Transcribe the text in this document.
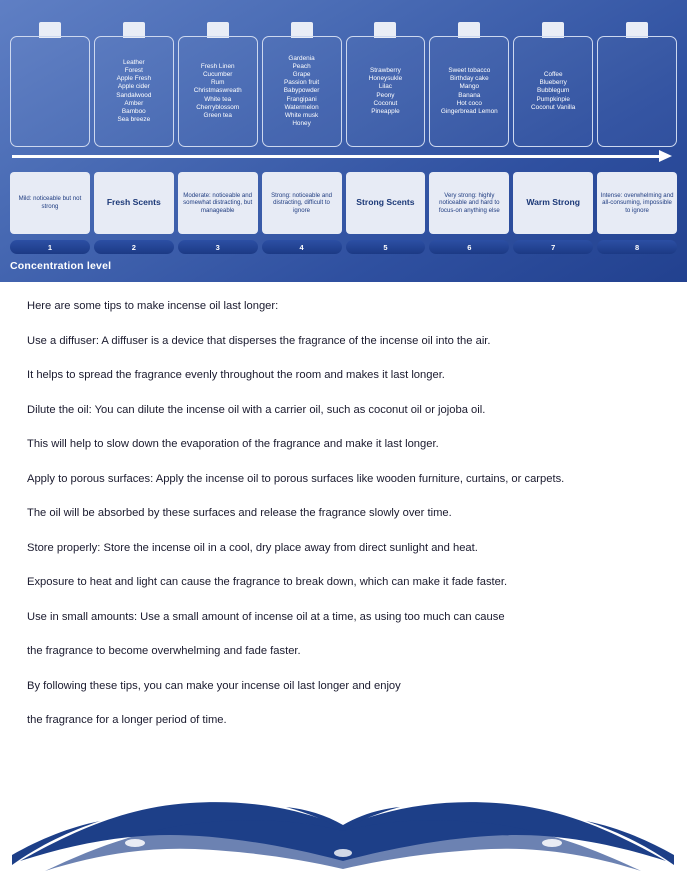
Leather
Forest
Apple Fresh
Apple cider
Sandalwood
Amber
Bamboo
Sea breeze
Fresh Linen
Cucumber
Rum
Christmaswreath
White tea
Cherryblossom
Green tea
Gardenia
Peach
Grape
Passion fruit
Babypowder
Frangipani
Watermelon
White musk
Honey
Strawberry
Honeysukle
Lilac
Peony
Coconut
Pineapple
Sweet tobacco
Birthday cake
Mango
Banana
Hot coco
Gingerbread Lemon
Coffee
Blueberry
Bubblegum
Pumpkinpie
Coconut Vanilla
Mild: noticeable but not strong	Fresh Scents
Moderate: noticeable and somewhat distracting, but manageable
Strong: noticeable and distracting, difficult to ignore
Strong Scents
Very strong: highly noticeable and hard to focus-on anything else
Warm Strong
Intense: overwhelming and all-consuming, impossible to ignore
1	2	3	4	5	6	7	8
Concentration level

Here are some tips to make incense oil last longer:

Use a diffuser: A diffuser is a device that disperses the fragrance of the incense oil into the air.

It helps to spread the fragrance evenly throughout the room and makes it last longer.

Dilute the oil: You can dilute the incense oil with a carrier oil, such as coconut oil or jojoba oil.

This will help to slow down the evaporation of the fragrance and make it last longer.

Apply to porous surfaces: Apply the incense oil to porous surfaces like wooden furniture, curtains, or carpets.

The oil will be absorbed by these surfaces and release the fragrance slowly over time.

Store properly: Store the incense oil in a cool, dry place away from direct sunlight and heat.

Exposure to heat and light can cause the fragrance to break down, which can make it fade faster.

Use in small amounts: Use a small amount of incense oil at a time, as using too much can cause

the fragrance to become overwhelming and fade faster.

By following these tips, you can make your incense oil last longer and enjoy

the fragrance for a longer period of time.
